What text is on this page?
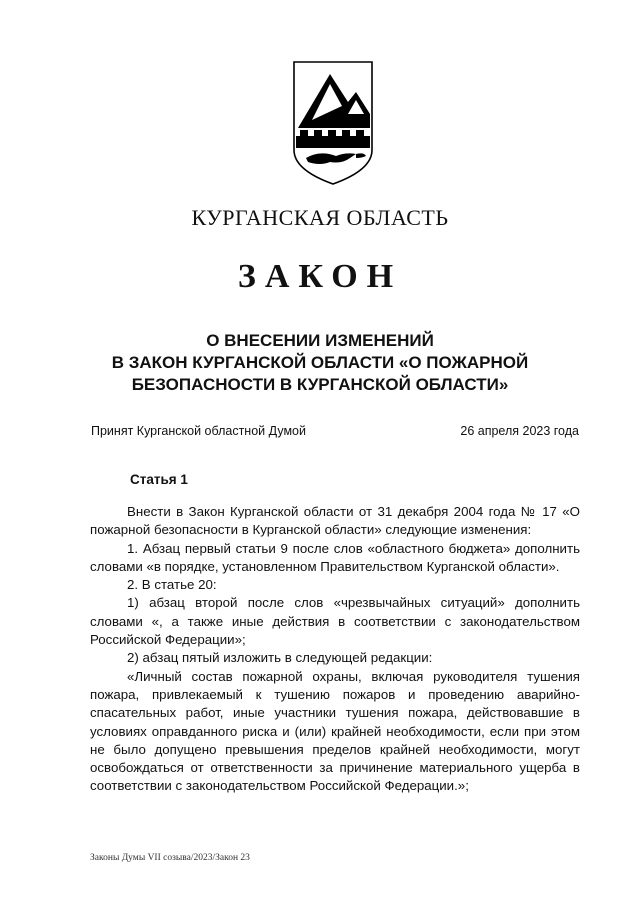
КУРГАНСКАЯ ОБЛАСТЬ
ЗАКОН
О ВНЕСЕНИИ ИЗМЕНЕНИЙ
В ЗАКОН КУРГАНСКОЙ ОБЛАСТИ «О ПОЖАРНОЙ
БЕЗОПАСНОСТИ В КУРГАНСКОЙ ОБЛАСТИ»
Принят Курганской областной Думой	26 апреля 2023 года
Статья 1

Внести в Закон Курганской области от 31 декабря 2004 года № 17 «О пожарной безопасности в Курганской области» следующие изменения:

1. Абзац первый статьи 9 после слов «областного бюджета» дополнить словами «в порядке, установленном Правительством Курганской области».

2. В статье 20:

1) абзац второй после слов «чрезвычайных ситуаций» дополнить словами «, а также иные действия в соответствии с законодательством Российской Федерации»;

2) абзац пятый изложить в следующей редакции:

«Личный состав пожарной охраны, включая руководителя тушения пожара, привлекаемый к тушению пожаров и проведению аварийно-спасательных работ, иные участники тушения пожара, действовавшие в условиях оправданного риска и (или) крайней необходимости, если при этом не было допущено превышения пределов крайней необходимости, могут освобождаться от ответственности за причинение материального ущерба в соответствии с законодательством Российской Федерации.»;

Законы Думы VII созыва/2023/Закон 23
